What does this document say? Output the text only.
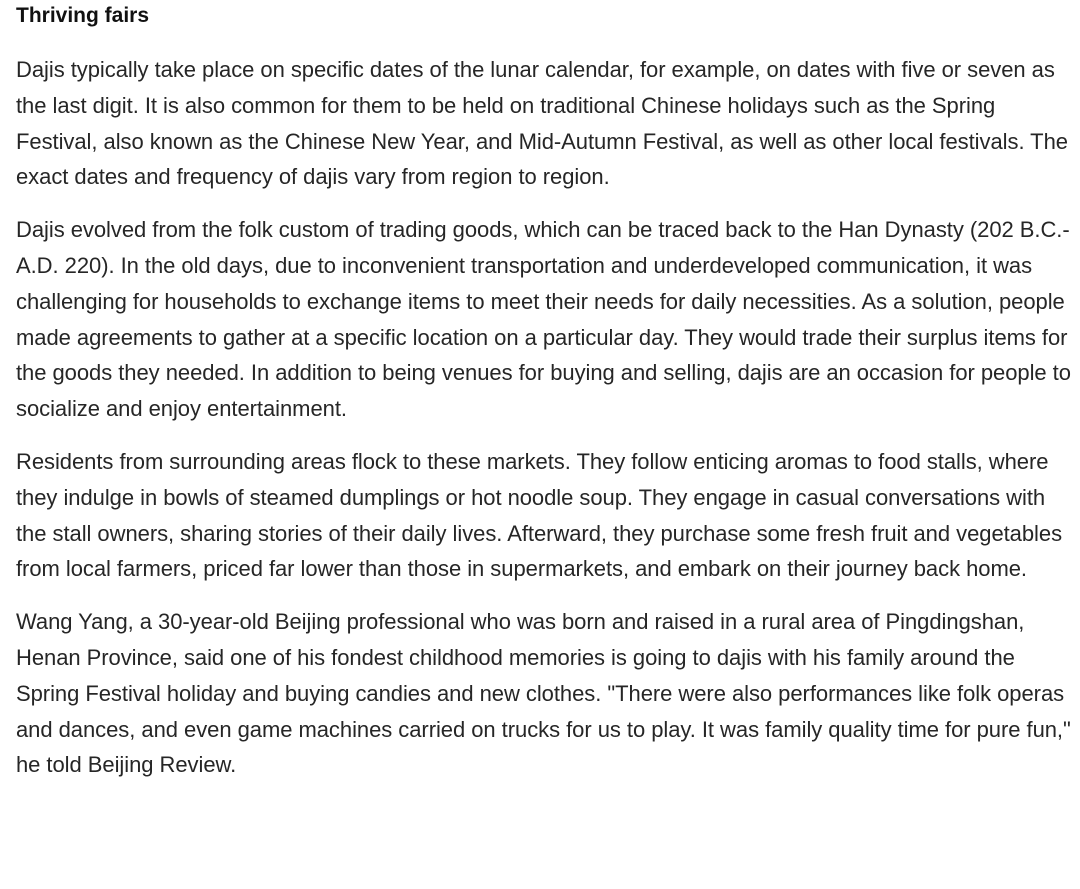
Thriving fairs

Dajis typically take place on specific dates of the lunar calendar, for example, on dates with five or seven as the last digit. It is also common for them to be held on traditional Chinese holidays such as the Spring Festival, also known as the Chinese New Year, and Mid-Autumn Festival, as well as other local festivals. The exact dates and frequency of dajis vary from region to region.

Dajis evolved from the folk custom of trading goods, which can be traced back to the Han Dynasty (202 B.C.-A.D. 220). In the old days, due to inconvenient transportation and underdeveloped communication, it was challenging for households to exchange items to meet their needs for daily necessities. As a solution, people made agreements to gather at a specific location on a particular day. They would trade their surplus items for the goods they needed. In addition to being venues for buying and selling, dajis are an occasion for people to socialize and enjoy entertainment.

Residents from surrounding areas flock to these markets. They follow enticing aromas to food stalls, where they indulge in bowls of steamed dumplings or hot noodle soup. They engage in casual conversations with the stall owners, sharing stories of their daily lives. Afterward, they purchase some fresh fruit and vegetables from local farmers, priced far lower than those in supermarkets, and embark on their journey back home.

Wang Yang, a 30-year-old Beijing professional who was born and raised in a rural area of Pingdingshan, Henan Province, said one of his fondest childhood memories is going to dajis with his family around the Spring Festival holiday and buying candies and new clothes. "There were also performances like folk operas and dances, and even game machines carried on trucks for us to play. It was family quality time for pure fun," he told Beijing Review.
